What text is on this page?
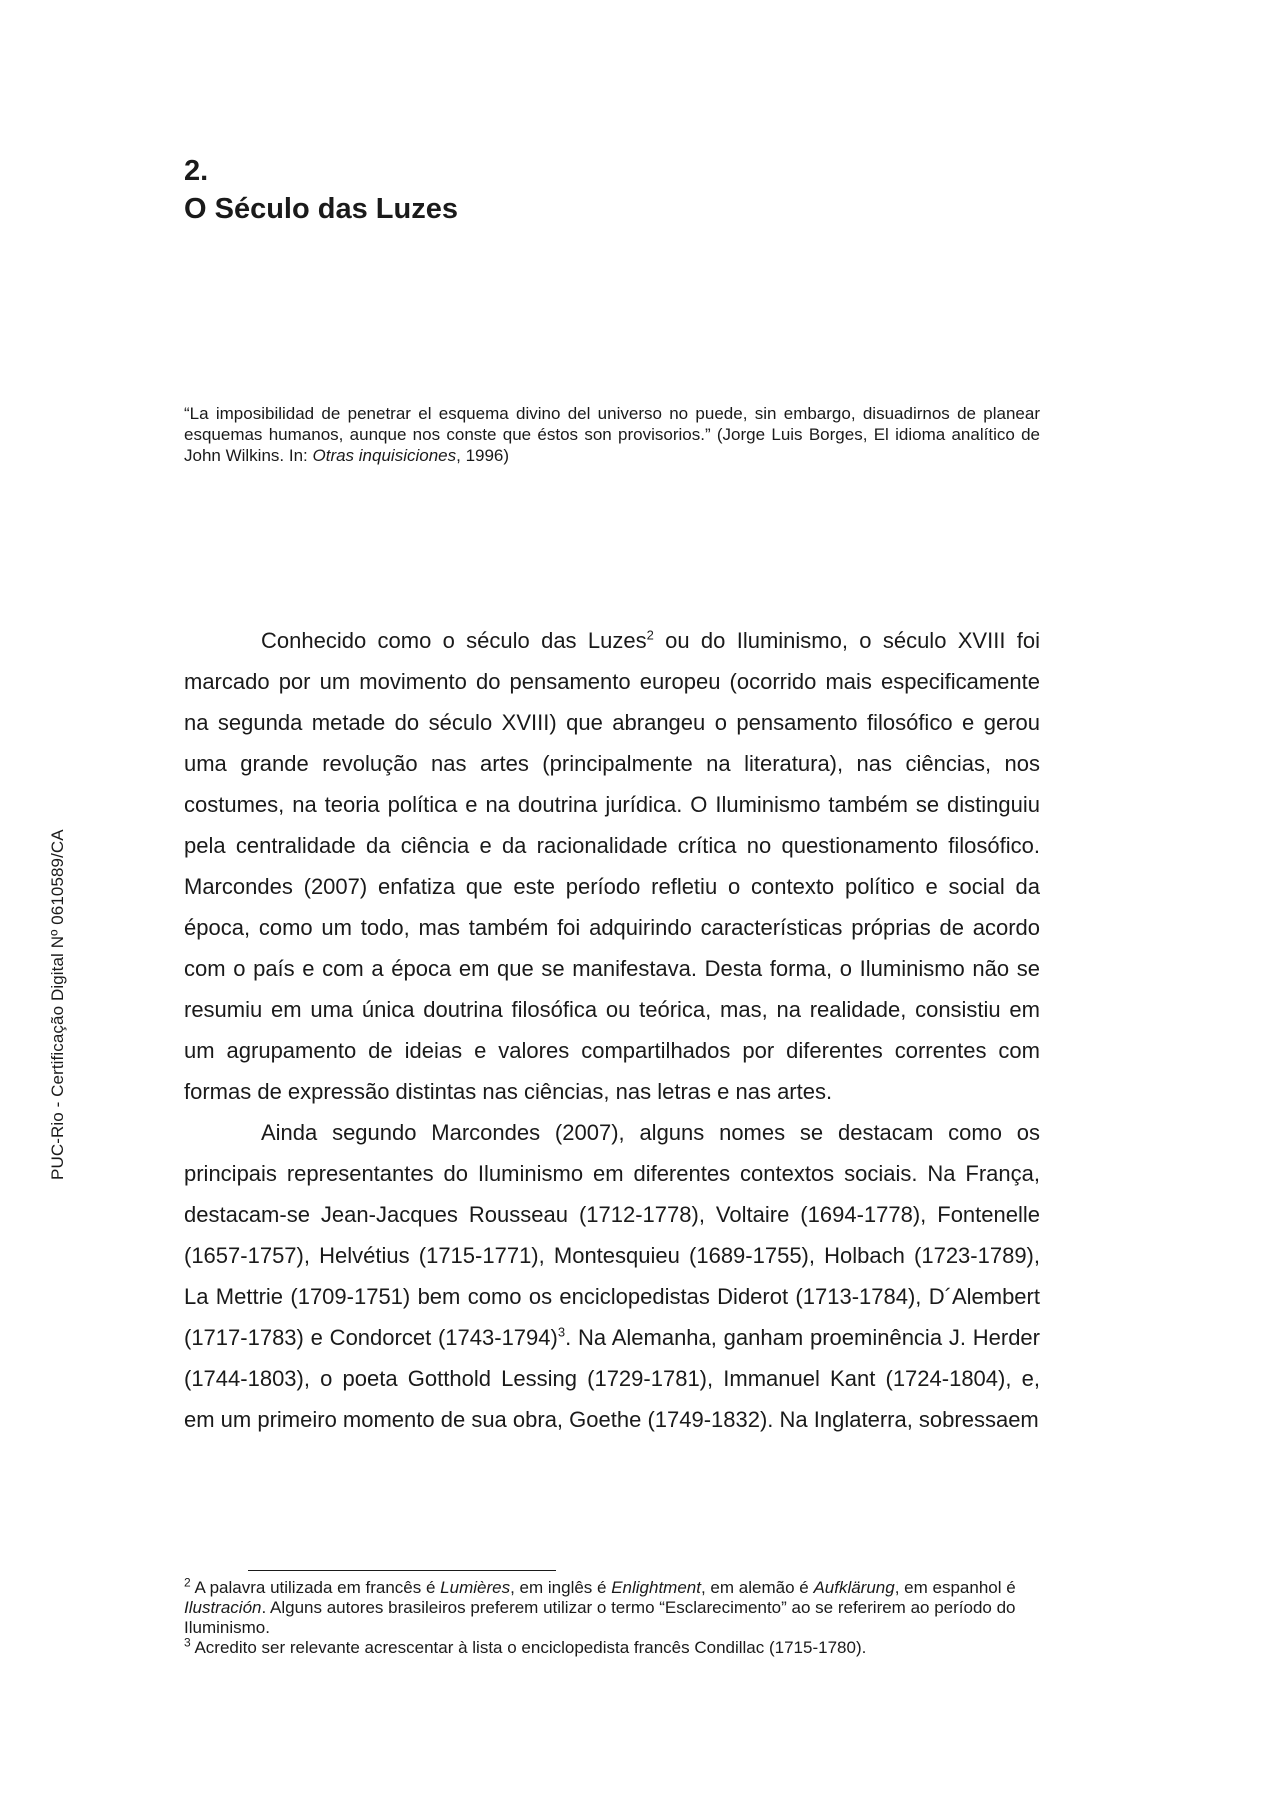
PUC-Rio - Certificação Digital Nº 0610589/CA
2.
O Século das Luzes
“La imposibilidad de penetrar el esquema divino del universo no puede, sin embargo, disuadirnos de planear esquemas humanos, aunque nos conste que éstos son provisorios.” (Jorge Luis Borges, El idioma analítico de John Wilkins. In: Otras inquisiciones, 1996)

Conhecido como o século das Luzes$^2$ ou do Iluminismo, o século XVIII foi marcado por um movimento do pensamento europeu (ocorrido mais especificamente na segunda metade do século XVIII) que abrangeu o pensamento filosófico e gerou uma grande revolução nas artes (principalmente na literatura), nas ciências, nos costumes, na teoria política e na doutrina jurídica. O Iluminismo também se distinguiu pela centralidade da ciência e da racionalidade crítica no questionamento filosófico. Marcondes (2007) enfatiza que este período refletiu o contexto político e social da época, como um todo, mas também foi adquirindo características próprias de acordo com o país e com a época em que se manifestava. Desta forma, o Iluminismo não se resumiu em uma única doutrina filosófica ou teórica, mas, na realidade, consistiu em um agrupamento de ideias e valores compartilhados por diferentes correntes com formas de expressão distintas nas ciências, nas letras e nas artes.

Ainda segundo Marcondes (2007), alguns nomes se destacam como os principais representantes do Iluminismo em diferentes contextos sociais. Na França, destacam-se Jean-Jacques Rousseau (1712-1778), Voltaire (1694-1778), Fontenelle (1657-1757), Helvétius (1715-1771), Montesquieu (1689-1755), Holbach (1723-1789), La Mettrie (1709-1751) bem como os enciclopedistas Diderot (1713-1784), D´Alembert (1717-1783) e Condorcet (1743-1794)$^3$. Na Alemanha, ganham proeminência J. Herder (1744-1803), o poeta Gotthold Lessing (1729-1781), Immanuel Kant (1724-1804), e, em um primeiro momento de sua obra, Goethe (1749-1832). Na Inglaterra, sobressaem

$^2$ A palavra utilizada em francês é Lumières, em inglês é Enlightment, em alemão é Aufklärung, em espanhol é Ilustración. Alguns autores brasileiros preferem utilizar o termo “Esclarecimento” ao se referirem ao período do Iluminismo.

$^3$ Acredito ser relevante acrescentar à lista o enciclopedista francês Condillac (1715-1780).
